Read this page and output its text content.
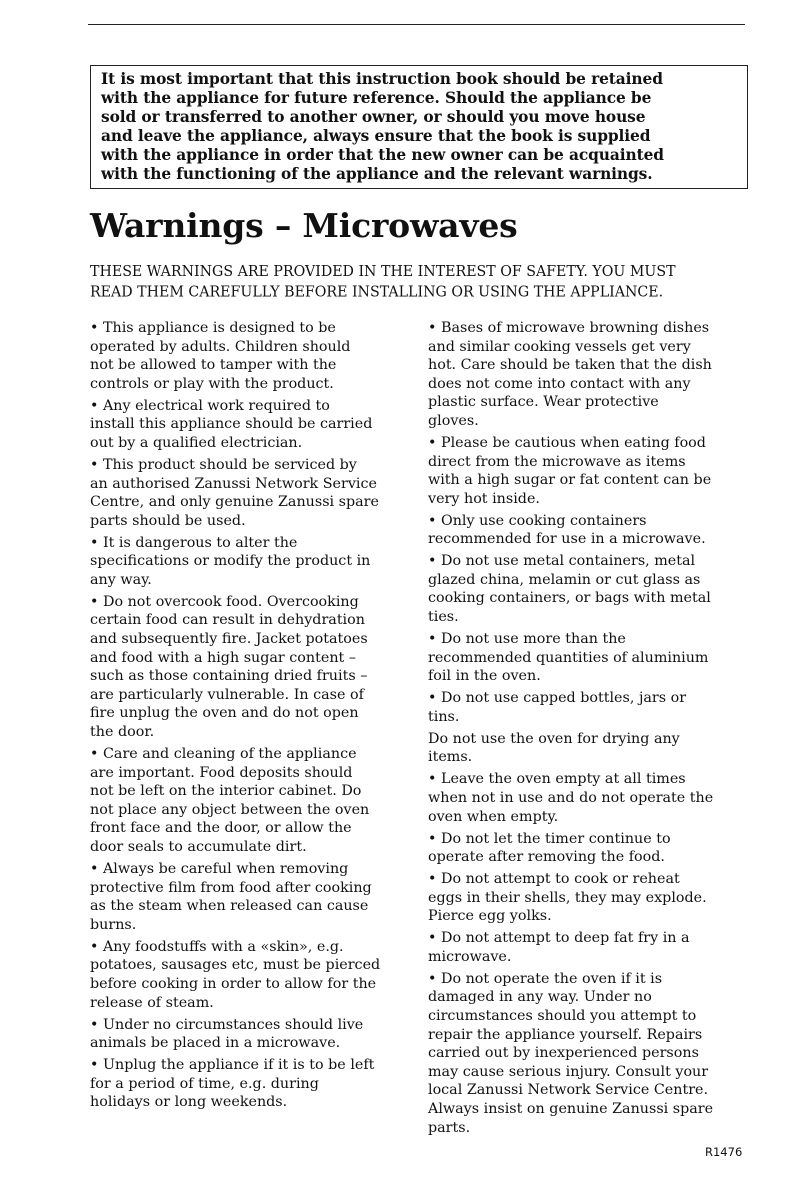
It is most important that this instruction book should be retained
with the appliance for future reference. Should the appliance be
sold or transferred to another owner, or should you move house
and leave the appliance, always ensure that the book is supplied
with the appliance in order that the new owner can be acquainted
with the functioning of the appliance and the relevant warnings.
Warnings – Microwaves
THESE WARNINGS ARE PROVIDED IN THE INTEREST OF SAFETY. YOU MUST
READ THEM CAREFULLY BEFORE INSTALLING OR USING THE APPLIANCE.
• This appliance is designed to be
operated by adults. Children should
not be allowed to tamper with the
controls or play with the product.
• Any electrical work required to
install this appliance should be carried
out by a qualified electrician.
• This product should be serviced by
an authorised Zanussi Network Service
Centre, and only genuine Zanussi spare
parts should be used.
• It is dangerous to alter the
specifications or modify the product in
any way.
• Do not overcook food. Overcooking
certain food can result in dehydration
and subsequently fire. Jacket potatoes
and food with a high sugar content –
such as those containing dried fruits –
are particularly vulnerable. In case of
fire unplug the oven and do not open
the door.
• Care and cleaning of the appliance
are important. Food deposits should
not be left on the interior cabinet. Do
not place any object between the oven
front face and the door, or allow the
door seals to accumulate dirt.
• Always be careful when removing
protective film from food after cooking
as the steam when released can cause
burns.
• Any foodstuffs with a «skin», e.g.
potatoes, sausages etc, must be pierced
before cooking in order to allow for the
release of steam.
• Under no circumstances should live
animals be placed in a microwave.
• Unplug the appliance if it is to be left
for a period of time, e.g. during
holidays or long weekends.
• Bases of microwave browning dishes
and similar cooking vessels get very
hot. Care should be taken that the dish
does not come into contact with any
plastic surface. Wear protective
gloves.
• Please be cautious when eating food
direct from the microwave as items
with a high sugar or fat content can be
very hot inside.
• Only use cooking containers
recommended for use in a microwave.
• Do not use metal containers, metal
glazed china, melamin or cut glass as
cooking containers, or bags with metal
ties.
• Do not use more than the
recommended quantities of aluminium
foil in the oven.
• Do not use capped bottles, jars or
tins.
Do not use the oven for drying any
items.
• Leave the oven empty at all times
when not in use and do not operate the
oven when empty.
• Do not let the timer continue to
operate after removing the food.
• Do not attempt to cook or reheat
eggs in their shells, they may explode.
Pierce egg yolks.
• Do not attempt to deep fat fry in a
microwave.
• Do not operate the oven if it is
damaged in any way. Under no
circumstances should you attempt to
repair the appliance yourself. Repairs
carried out by inexperienced persons
may cause serious injury. Consult your
local Zanussi Network Service Centre.
Always insist on genuine Zanussi spare
parts.
R1476
